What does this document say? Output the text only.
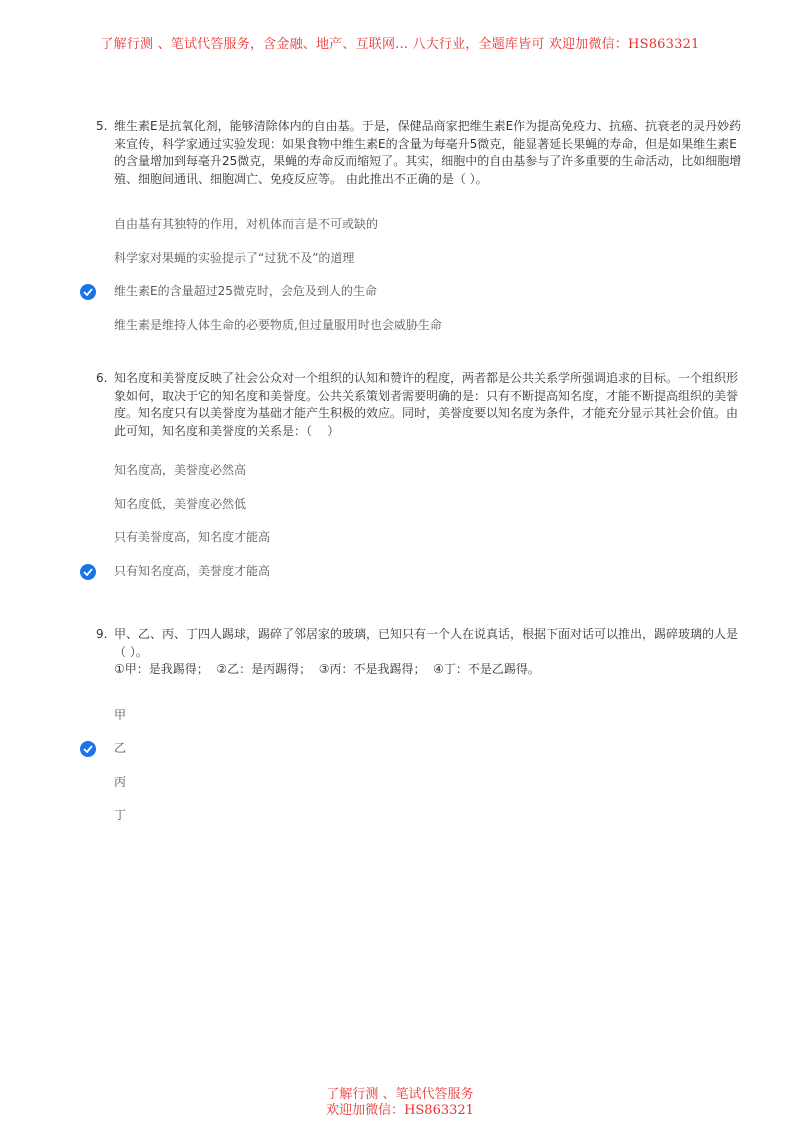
了解行测 、笔试代答服务，含金融、地产、互联网... 八大行业，全题库皆可 欢迎加微信：HS863321
5. 维生素E是抗氧化剂，能够清除体内的自由基。于是，保健品商家把维生素E作为提高免疫力、抗癌、抗衰老的灵丹妙药来宣传，科学家通过实验发现：如果食物中维生素E的含量为每毫升5微克，能显著延长果蝇的寿命，但是如果维生素E的含量增加到每毫升25微克，果蝇的寿命反而缩短了。其实，细胞中的自由基参与了许多重要的生命活动，比如细胞增殖、细胞间通讯、细胞凋亡、免疫反应等。 由此推出不正确的是（ ）。
自由基有其独特的作用，对机体而言是不可或缺的
科学家对果蝇的实验提示了“过犹不及”的道理
维生素E的含量超过25微克时，会危及到人的生命
维生素是维持人体生命的必要物质,但过量服用时也会威胁生命
6. 知名度和美誉度反映了社会公众对一个组织的认知和赞许的程度，两者都是公共关系学所强调追求的目标。一个组织形象如何，取决于它的知名度和美誉度。公共关系策划者需要明确的是：只有不断提高知名度，才能不断提高组织的美誉度。知名度只有以美誉度为基础才能产生积极的效应。同时，美誉度要以知名度为条件，才能充分显示其社会价值。由此可知，知名度和美誉度的关系是：（    ）
知名度高，美誉度必然高
知名度低，美誉度必然低
只有美誉度高，知名度才能高
只有知名度高，美誉度才能高
9. 甲、乙、丙、丁四人踢球，踢碎了邻居家的玻璃，已知只有一个人在说真话，根据下面对话可以推出，踢碎玻璃的人是（ ）。
①甲：是我踢得；  ②乙：是丙踢得；  ③丙：不是我踢得；  ④丁：不是乙踢得。
甲
乙
丙
丁
了解行测 、笔试代答服务
欢迎加微信：HS863321
